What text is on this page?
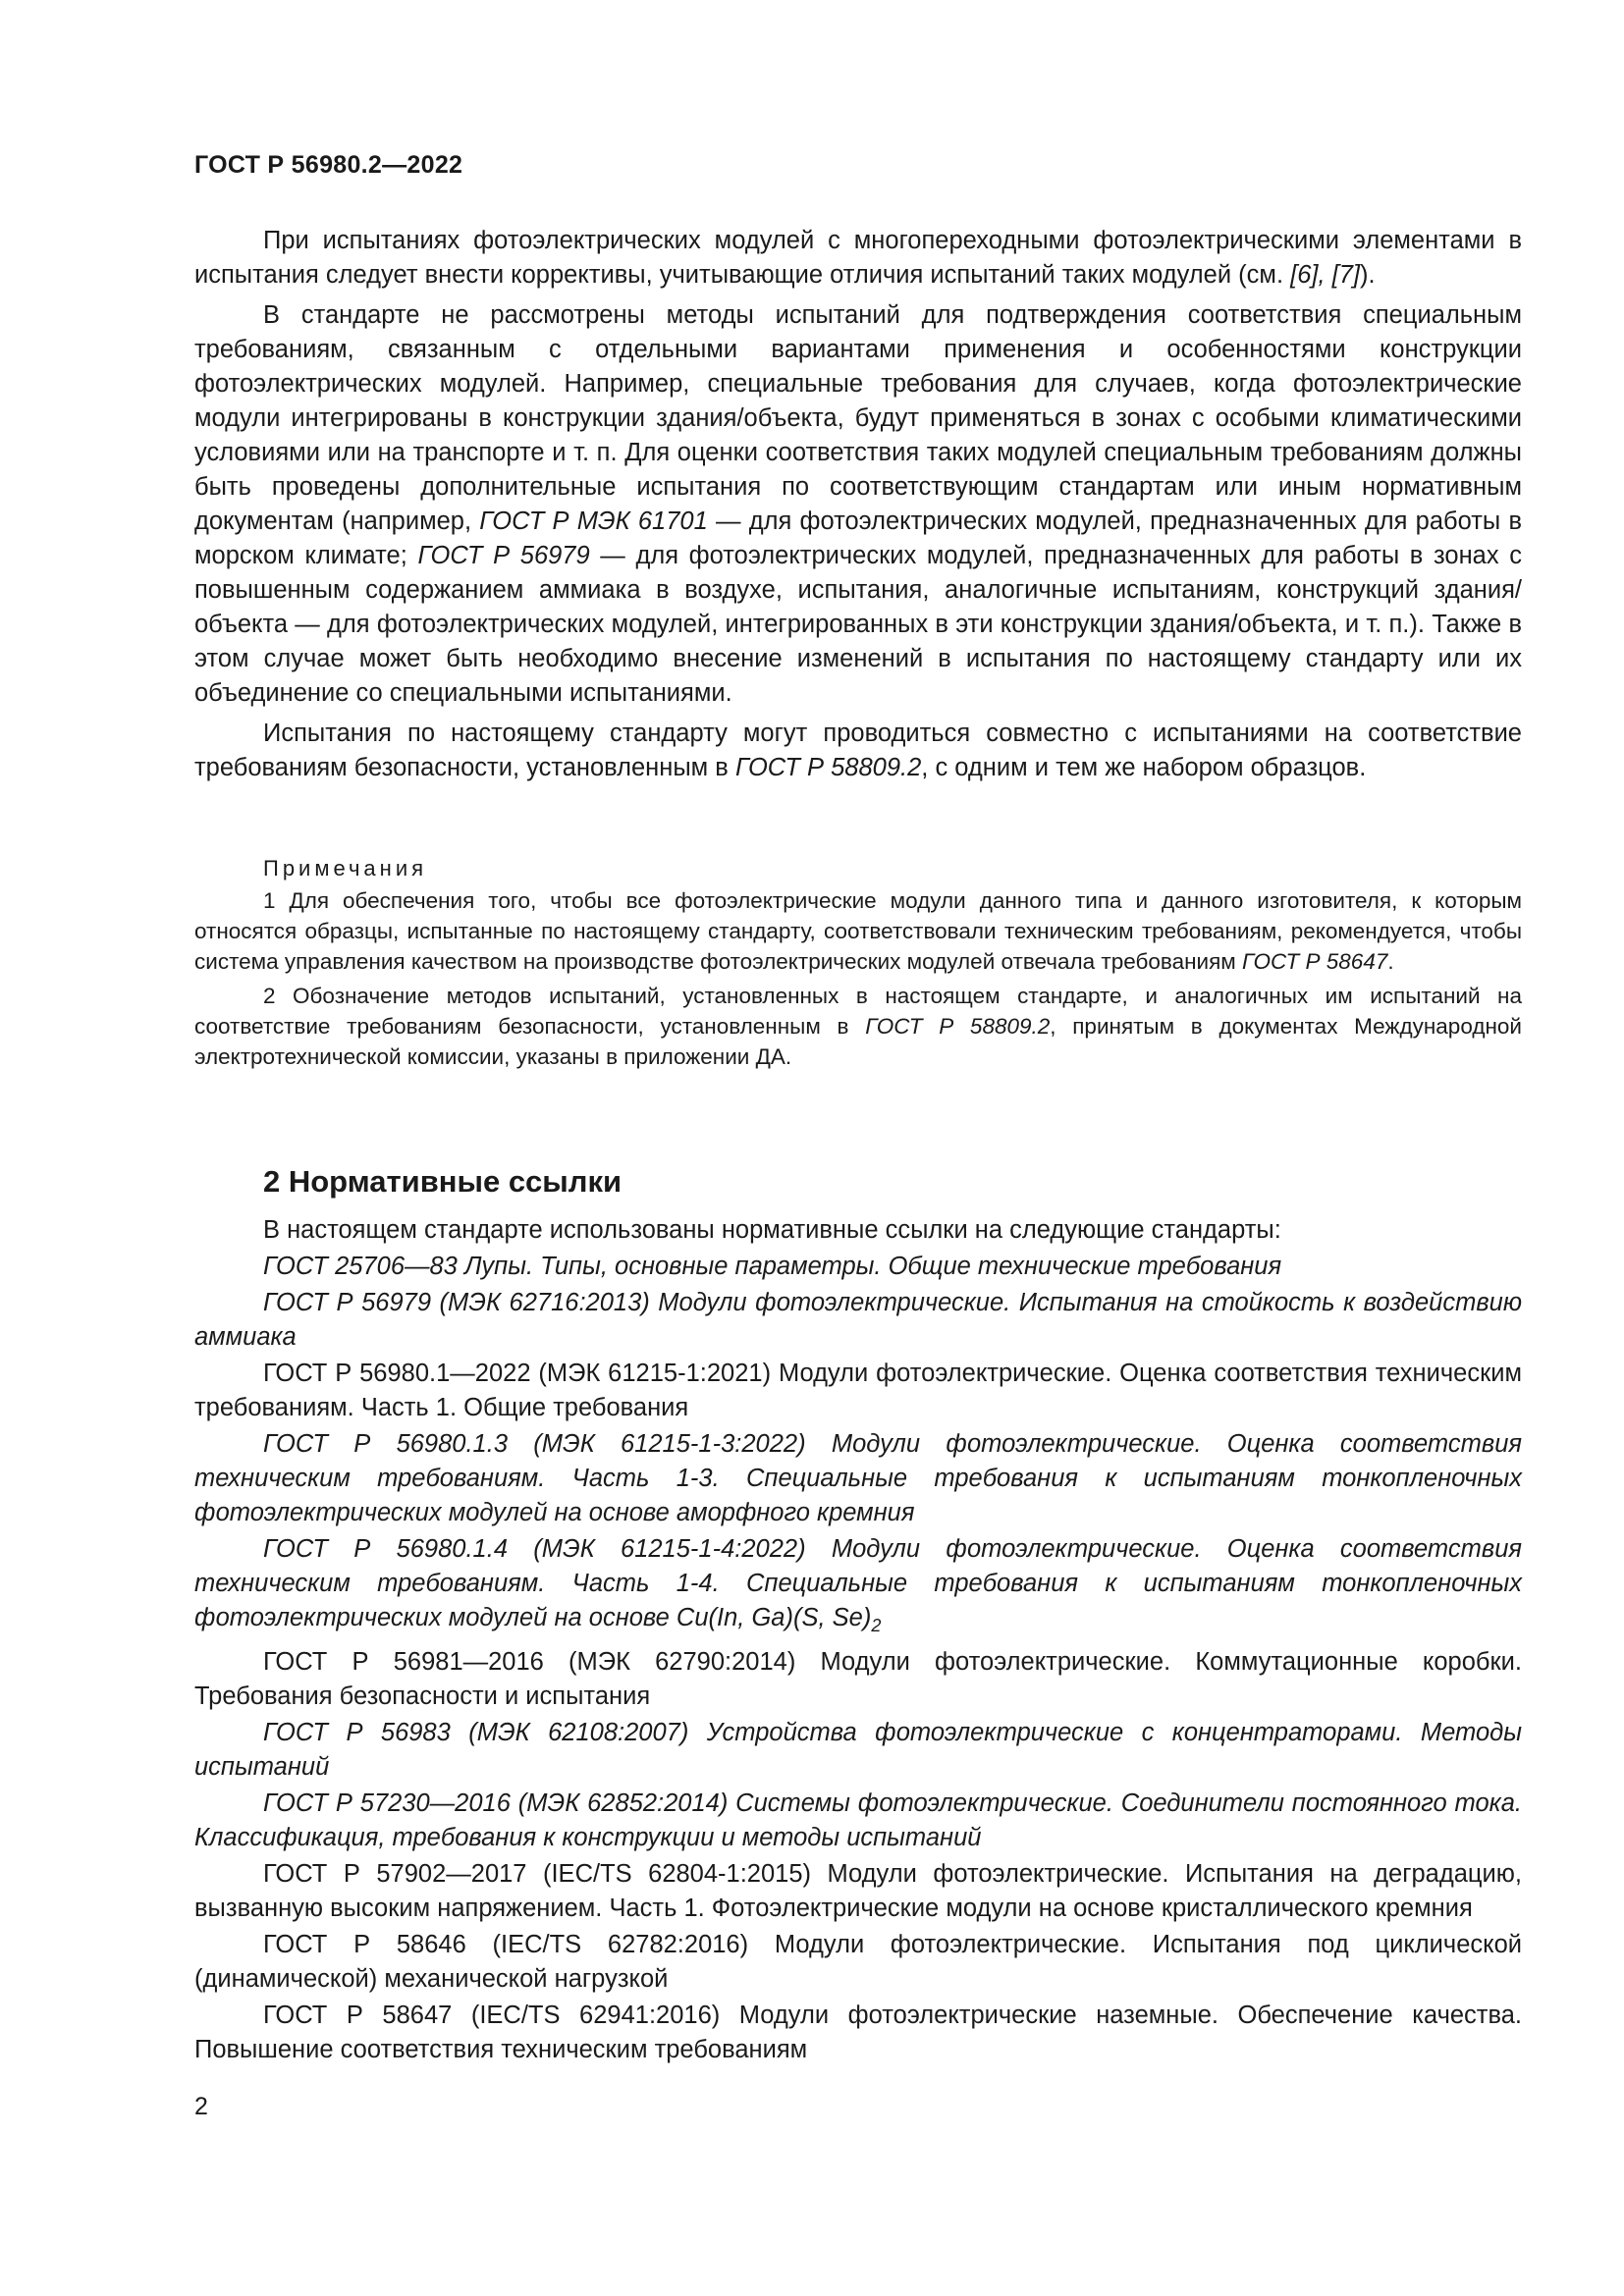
ГОСТ Р 56980.2—2022

При испытаниях фотоэлектрических модулей с многопереходными фотоэлектрическими элементами в испытания следует внести коррективы, учитывающие отличия испытаний таких модулей (см. [6], [7]).

В стандарте не рассмотрены методы испытаний для подтверждения соответствия специальным требованиям, связанным с отдельными вариантами применения и особенностями конструкции фотоэлектрических модулей. Например, специальные требования для случаев, когда фотоэлектрические модули интегрированы в конструкции здания/объекта, будут применяться в зонах с особыми климатическими условиями или на транспорте и т. п. Для оценки соответствия таких модулей специальным требованиям должны быть проведены дополнительные испытания по соответствующим стандартам или иным нормативным документам (например, ГОСТ Р МЭК 61701 — для фотоэлектрических модулей, предназначенных для работы в морском климате; ГОСТ Р 56979 — для фотоэлектрических модулей, предназначенных для работы в зонах с повышенным содержанием аммиака в воздухе, испытания, аналогичные испытаниям, конструкций здания/объекта — для фотоэлектрических модулей, интегрированных в эти конструкции здания/объекта, и т. п.). Также в этом случае может быть необходимо внесение изменений в испытания по настоящему стандарту или их объединение со специальными испытаниями.

Испытания по настоящему стандарту могут проводиться совместно с испытаниями на соответствие требованиям безопасности, установленным в ГОСТ Р 58809.2, с одним и тем же набором образцов.

Примечания

1 Для обеспечения того, чтобы все фотоэлектрические модули данного типа и данного изготовителя, к которым относятся образцы, испытанные по настоящему стандарту, соответствовали техническим требованиям, рекомендуется, чтобы система управления качеством на производстве фотоэлектрических модулей отвечала требованиям ГОСТ Р 58647.

2 Обозначение методов испытаний, установленных в настоящем стандарте, и аналогичных им испытаний на соответствие требованиям безопасности, установленным в ГОСТ Р 58809.2, принятым в документах Международной электротехнической комиссии, указаны в приложении ДА.

2 Нормативные ссылки

В настоящем стандарте использованы нормативные ссылки на следующие стандарты:

ГОСТ 25706—83 Лупы. Типы, основные параметры. Общие технические требования

ГОСТ Р 56979 (МЭК 62716:2013) Модули фотоэлектрические. Испытания на стойкость к воздействию аммиака

ГОСТ Р 56980.1—2022 (МЭК 61215-1:2021) Модули фотоэлектрические. Оценка соответствия техническим требованиям. Часть 1. Общие требования

ГОСТ Р 56980.1.3 (МЭК 61215-1-3:2022) Модули фотоэлектрические. Оценка соответствия техническим требованиям. Часть 1-3. Специальные требования к испытаниям тонкопленочных фотоэлектрических модулей на основе аморфного кремния

ГОСТ Р 56980.1.4 (МЭК 61215-1-4:2022) Модули фотоэлектрические. Оценка соответствия техническим требованиям. Часть 1-4. Специальные требования к испытаниям тонкопленочных фотоэлектрических модулей на основе Cu(In, Ga)(S, $Se)_2$

ГОСТ Р 56981—2016 (МЭК 62790:2014) Модули фотоэлектрические. Коммутационные коробки. Требования безопасности и испытания

ГОСТ Р 56983 (МЭК 62108:2007) Устройства фотоэлектрические с концентраторами. Методы испытаний

ГОСТ Р 57230—2016 (МЭК 62852:2014) Системы фотоэлектрические. Соединители постоянного тока. Классификация, требования к конструкции и методы испытаний

ГОСТ Р 57902—2017 (IEC/TS 62804-1:2015) Модули фотоэлектрические. Испытания на деградацию, вызванную высоким напряжением. Часть 1. Фотоэлектрические модули на основе кристаллического кремния

ГОСТ Р 58646 (IEC/TS 62782:2016) Модули фотоэлектрические. Испытания под циклической (динамической) механической нагрузкой

ГОСТ Р 58647 (IEC/TS 62941:2016) Модули фотоэлектрические наземные. Обеспечение качества. Повышение соответствия техническим требованиям

2
